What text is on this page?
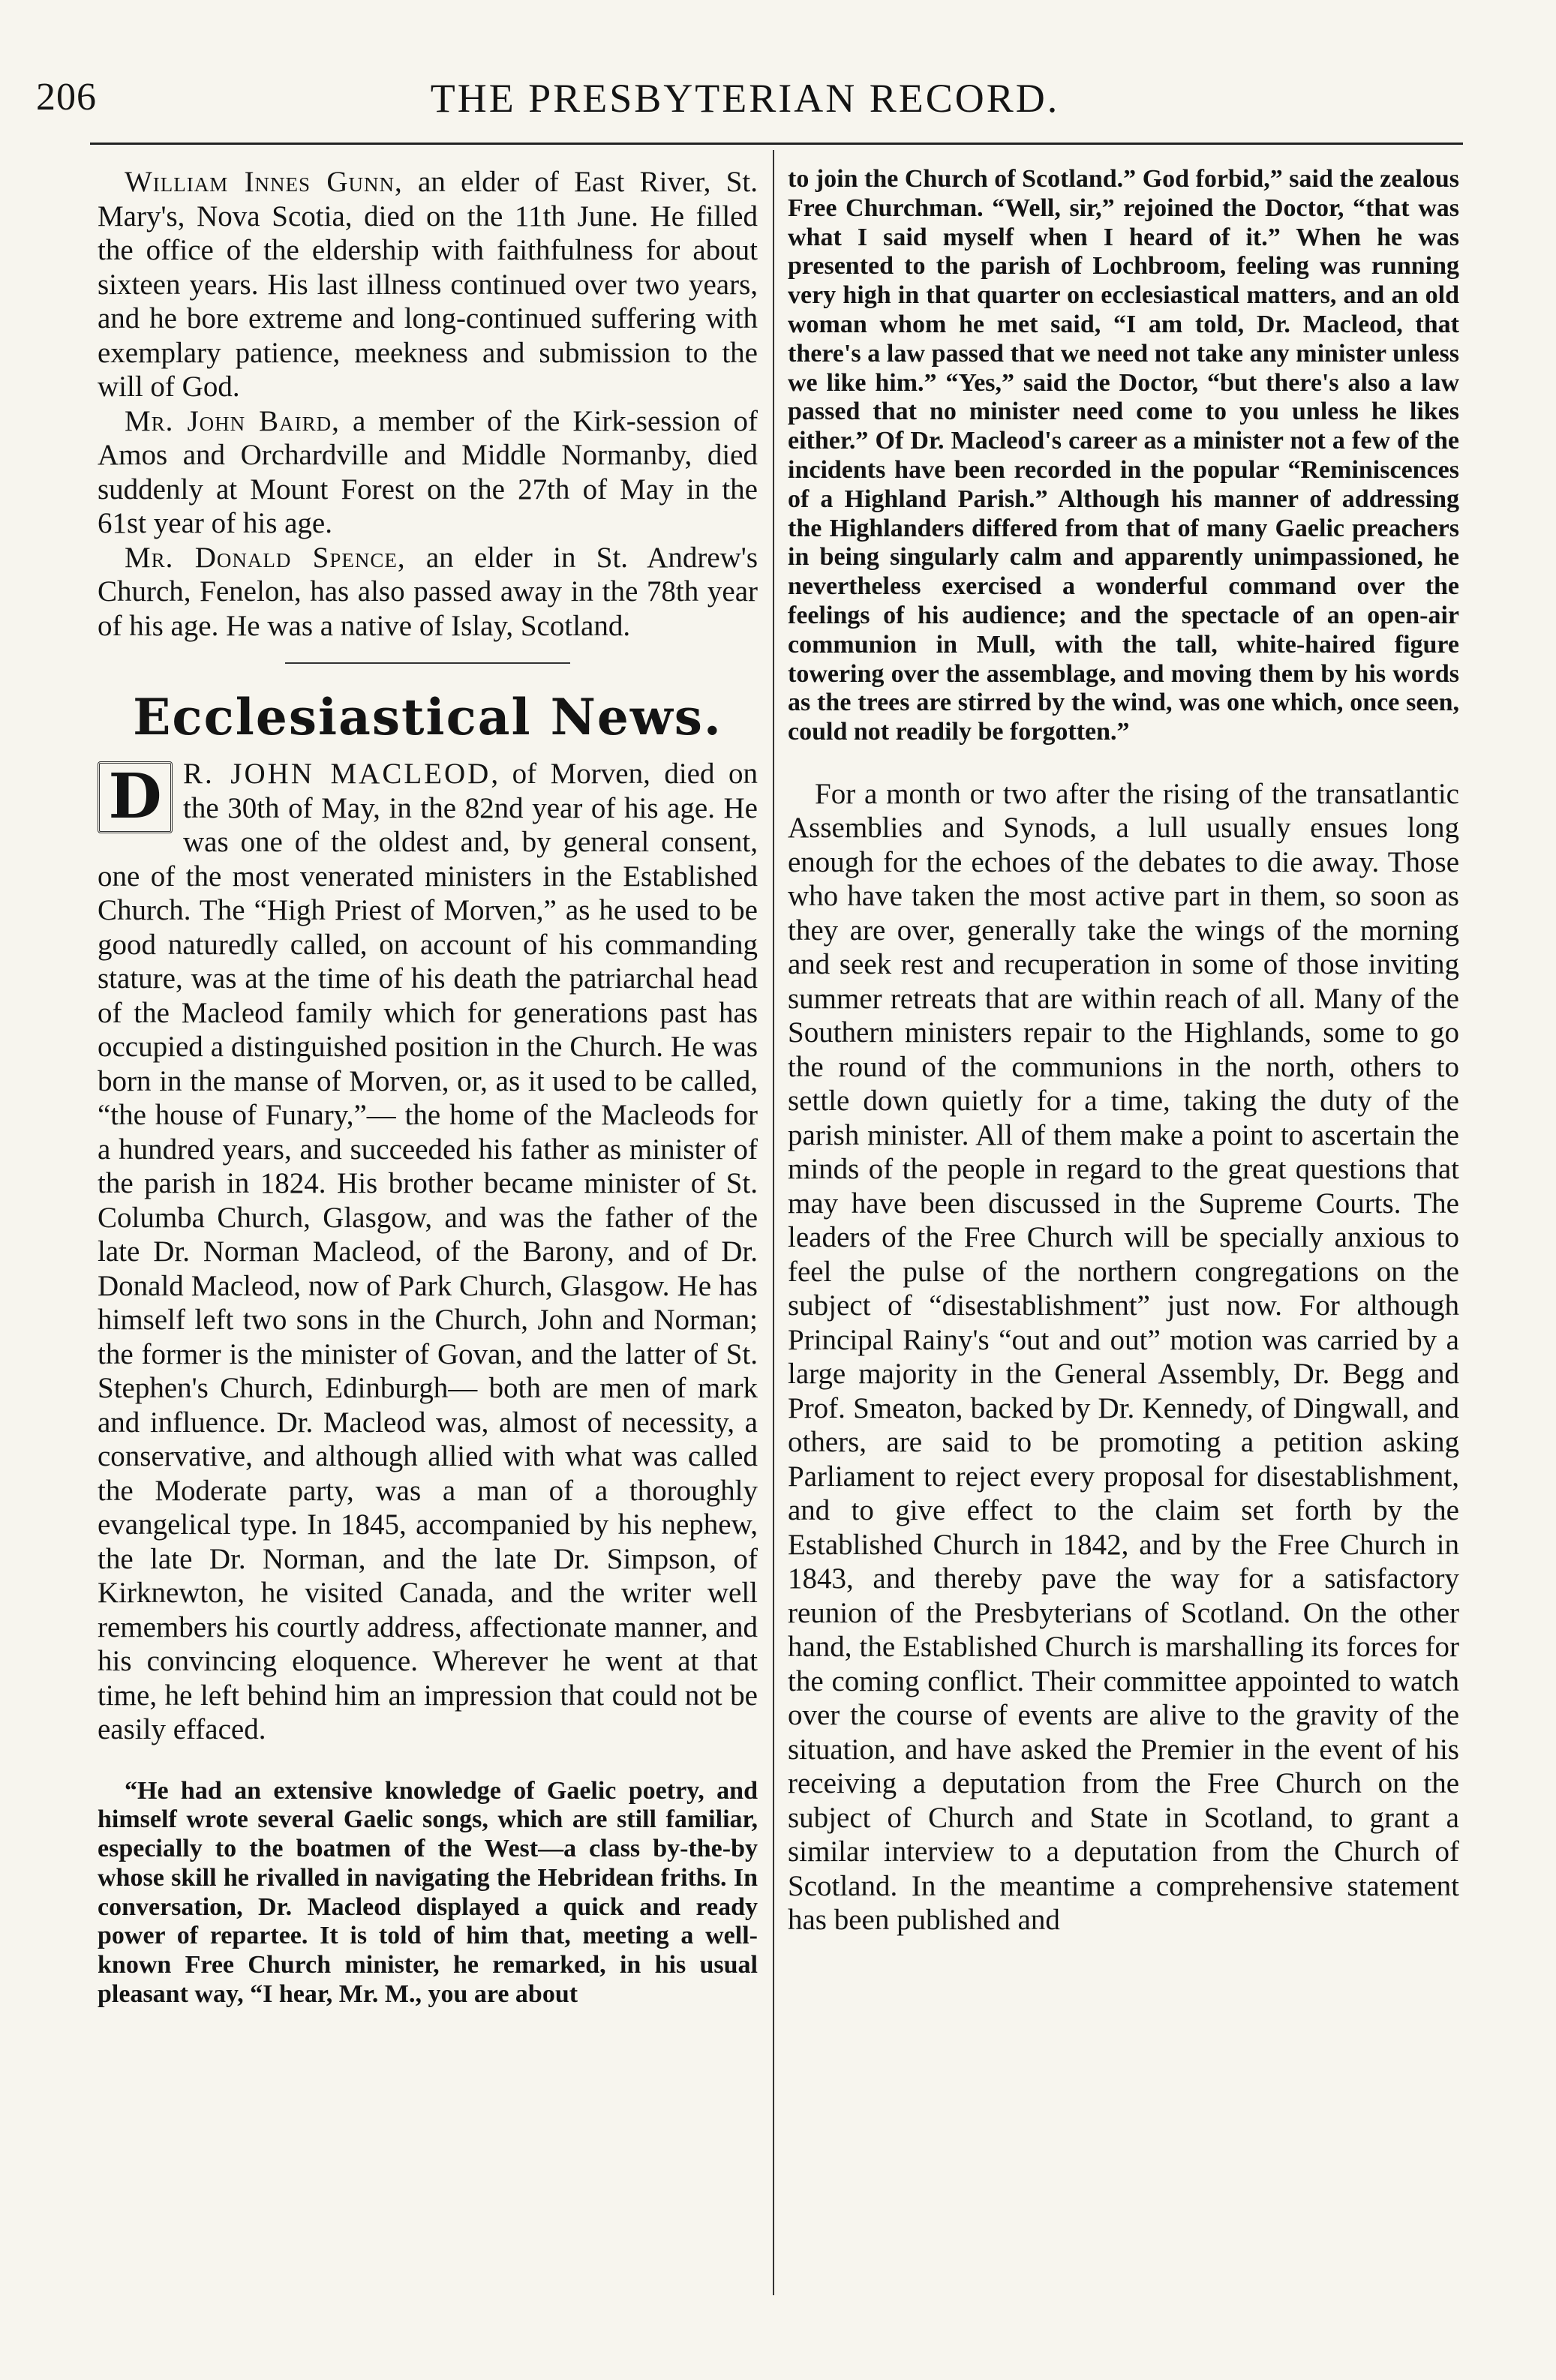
206	THE PRESBYTERIAN RECORD.

William Innes Gunn, an elder of East River, St. Mary's, Nova Scotia, died on the 11th June. He filled the office of the eldership with faithfulness for about sixteen years. His last illness continued over two years, and he bore extreme and long-continued suffering with exemplary patience, meekness and submission to the will of God.

Mr. John Baird, a member of the Kirk-session of Amos and Orchardville and Middle Normanby, died suddenly at Mount Forest on the 27th of May in the 61st year of his age.

Mr. Donald Spence, an elder in St. Andrew's Church, Fenelon, has also passed away in the 78th year of his age. He was a native of Islay, Scotland.

Ecclesiastical News.

D R. JOHN MACLEOD, of Morven, died on the 30th of May, in the 82nd year of his age. He was one of the oldest and, by general consent, one of the most venerated ministers in the Established Church. The “High Priest of Morven,” as he used to be good naturedly called, on account of his commanding stature, was at the time of his death the patriarchal head of the Macleod family which for generations past has occupied a distinguished position in the Church. He was born in the manse of Morven, or, as it used to be called, “the house of Funary,”— the home of the Macleods for a hundred years, and succeeded his father as minister of the parish in 1824. His brother became minister of St. Columba Church, Glasgow, and was the father of the late Dr. Norman Macleod, of the Barony, and of Dr. Donald Macleod, now of Park Church, Glasgow. He has himself left two sons in the Church, John and Norman; the former is the minister of Govan, and the latter of St. Stephen's Church, Edinburgh— both are men of mark and influence. Dr. Macleod was, almost of necessity, a conservative, and although allied with what was called the Moderate party, was a man of a thoroughly evangelical type. In 1845, accompanied by his nephew, the late Dr. Norman, and the late Dr. Simpson, of Kirknewton, he visited Canada, and the writer well remembers his courtly address, affectionate manner, and his convincing eloquence. Wherever he went at that time, he left behind him an impression that could not be easily effaced.

“He had an extensive knowledge of Gaelic poetry, and himself wrote several Gaelic songs, which are still familiar, especially to the boatmen of the West—a class by-the-by whose skill he rivalled in navigating the Hebridean friths. In conversation, Dr. Macleod displayed a quick and ready power of repartee. It is told of him that, meeting a well-known Free Church minister, he remarked, in his usual pleasant way, “I hear, Mr. M., you are about

to join the Church of Scotland.” God forbid,” said the zealous Free Churchman. “Well, sir,” rejoined the Doctor, “that was what I said myself when I heard of it.” When he was presented to the parish of Lochbroom, feeling was running very high in that quarter on ecclesiastical matters, and an old woman whom he met said, “I am told, Dr. Macleod, that there's a law passed that we need not take any minister unless we like him.” “Yes,” said the Doctor, “but there's also a law passed that no minister need come to you unless he likes either.” Of Dr. Macleod's career as a minister not a few of the incidents have been recorded in the popular “Reminiscences of a Highland Parish.” Although his manner of addressing the Highlanders differed from that of many Gaelic preachers in being singularly calm and apparently unimpassioned, he nevertheless exercised a wonderful command over the feelings of his audience; and the spectacle of an open-air communion in Mull, with the tall, white-haired figure towering over the assemblage, and moving them by his words as the trees are stirred by the wind, was one which, once seen, could not readily be forgotten.”

For a month or two after the rising of the transatlantic Assemblies and Synods, a lull usually ensues long enough for the echoes of the debates to die away. Those who have taken the most active part in them, so soon as they are over, generally take the wings of the morning and seek rest and recuperation in some of those inviting summer retreats that are within reach of all. Many of the Southern ministers repair to the Highlands, some to go the round of the communions in the north, others to settle down quietly for a time, taking the duty of the parish minister. All of them make a point to ascertain the minds of the people in regard to the great questions that may have been discussed in the Supreme Courts. The leaders of the Free Church will be specially anxious to feel the pulse of the northern congregations on the subject of “disestablishment” just now. For although Principal Rainy's “out and out” motion was carried by a large majority in the General Assembly, Dr. Begg and Prof. Smeaton, backed by Dr. Kennedy, of Dingwall, and others, are said to be promoting a petition asking Parliament to reject every proposal for disestablishment, and to give effect to the claim set forth by the Established Church in 1842, and by the Free Church in 1843, and thereby pave the way for a satisfactory reunion of the Presbyterians of Scotland. On the other hand, the Established Church is marshalling its forces for the coming conflict. Their committee appointed to watch over the course of events are alive to the gravity of the situation, and have asked the Premier in the event of his receiving a deputation from the Free Church on the subject of Church and State in Scotland, to grant a similar interview to a deputation from the Church of Scotland. In the meantime a comprehensive statement has been published and
